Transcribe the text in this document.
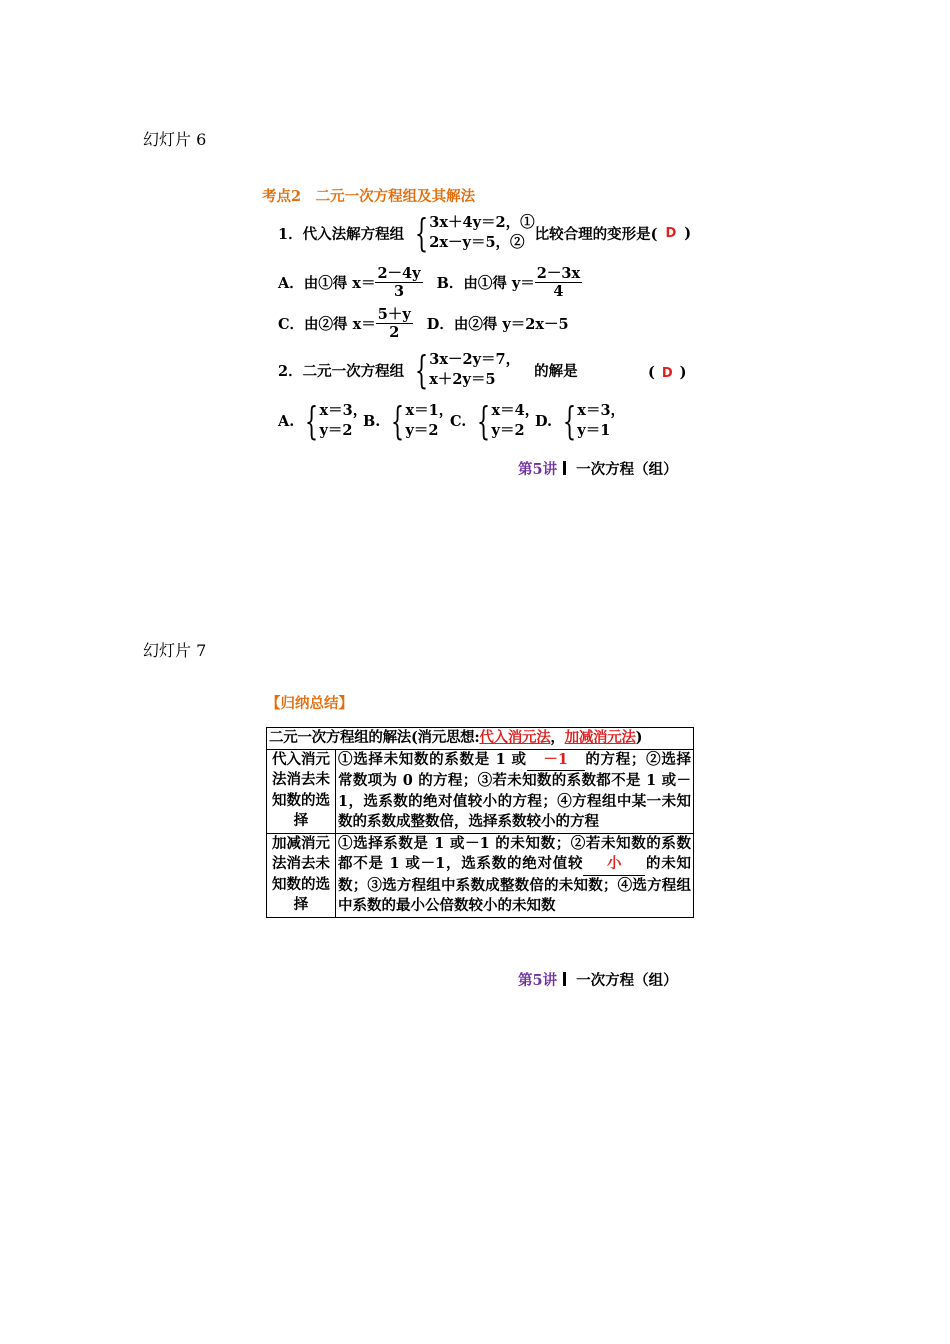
幻灯片 6
考点2　二元一次方程组及其解法
1．代入法解方程组 { 3x＋4y＝2，①
2x－y＝5，② 比较合理的变形是( D )
A．由①得 $x= \frac{2-4y}{3}$ B．由①得 $y= \frac{2-3x}{4}$
C．由②得 $x= \frac{5+y}{2}$ D．由②得 y＝2x－5
2．二元一次方程组 { 3x－2y＝7，
x＋2y＝5	的解是	( D )
A. { x＝3，
y＝2
B. { x＝1，
y＝2
C. { x＝4，
y＝2
D. { x＝3，
y＝1
第5讲 一次方程（组）
幻灯片 7
【归纳总结】
二元一次方程组的解法(消元思想:代入消元法，加减消元法)	
代入消元法消去未知数的选择	①选择未知数的系数是 1 或 －1 的方程；②选择常数项为 0 的方程；③若未知数的系数都不是 1 或－1，选系数的绝对值较小的方程；④方程组中某一未知数的系数成整数倍，选择系数较小的方程
加减消元法消去未知数的选择	①选择系数是 1 或－1 的未知数；②若未知数的系数都不是 1 或－1，选系数的绝对值较 小 的未知数；③选方程组中系数成整数倍的未知数；④选方程组中系数的最小公倍数较小的未知数
第5讲 一次方程（组）
